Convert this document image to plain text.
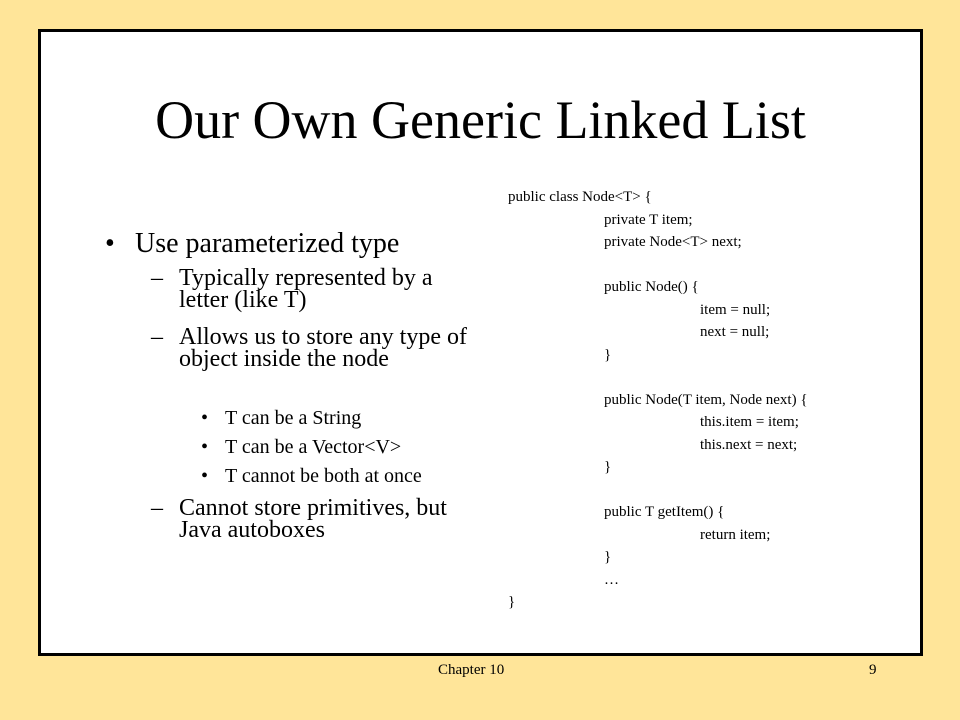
Our Own Generic Linked List
• Use parameterized type
– Typically represented by a letter (like T)
– Allows us to store any type of object inside the node
• T can be a String
• T can be a Vector<V>
• T cannot be both at once
– Cannot store primitives, but Java autoboxes
public class Node<T> {
private T item;
private Node<T> next;

public Node() {
item = null;
next = null;
}

public Node(T item, Node next) {
this.item = item;
this.next = next;
}

public T getItem() {
return item;
}
…
}
Chapter 10	9
